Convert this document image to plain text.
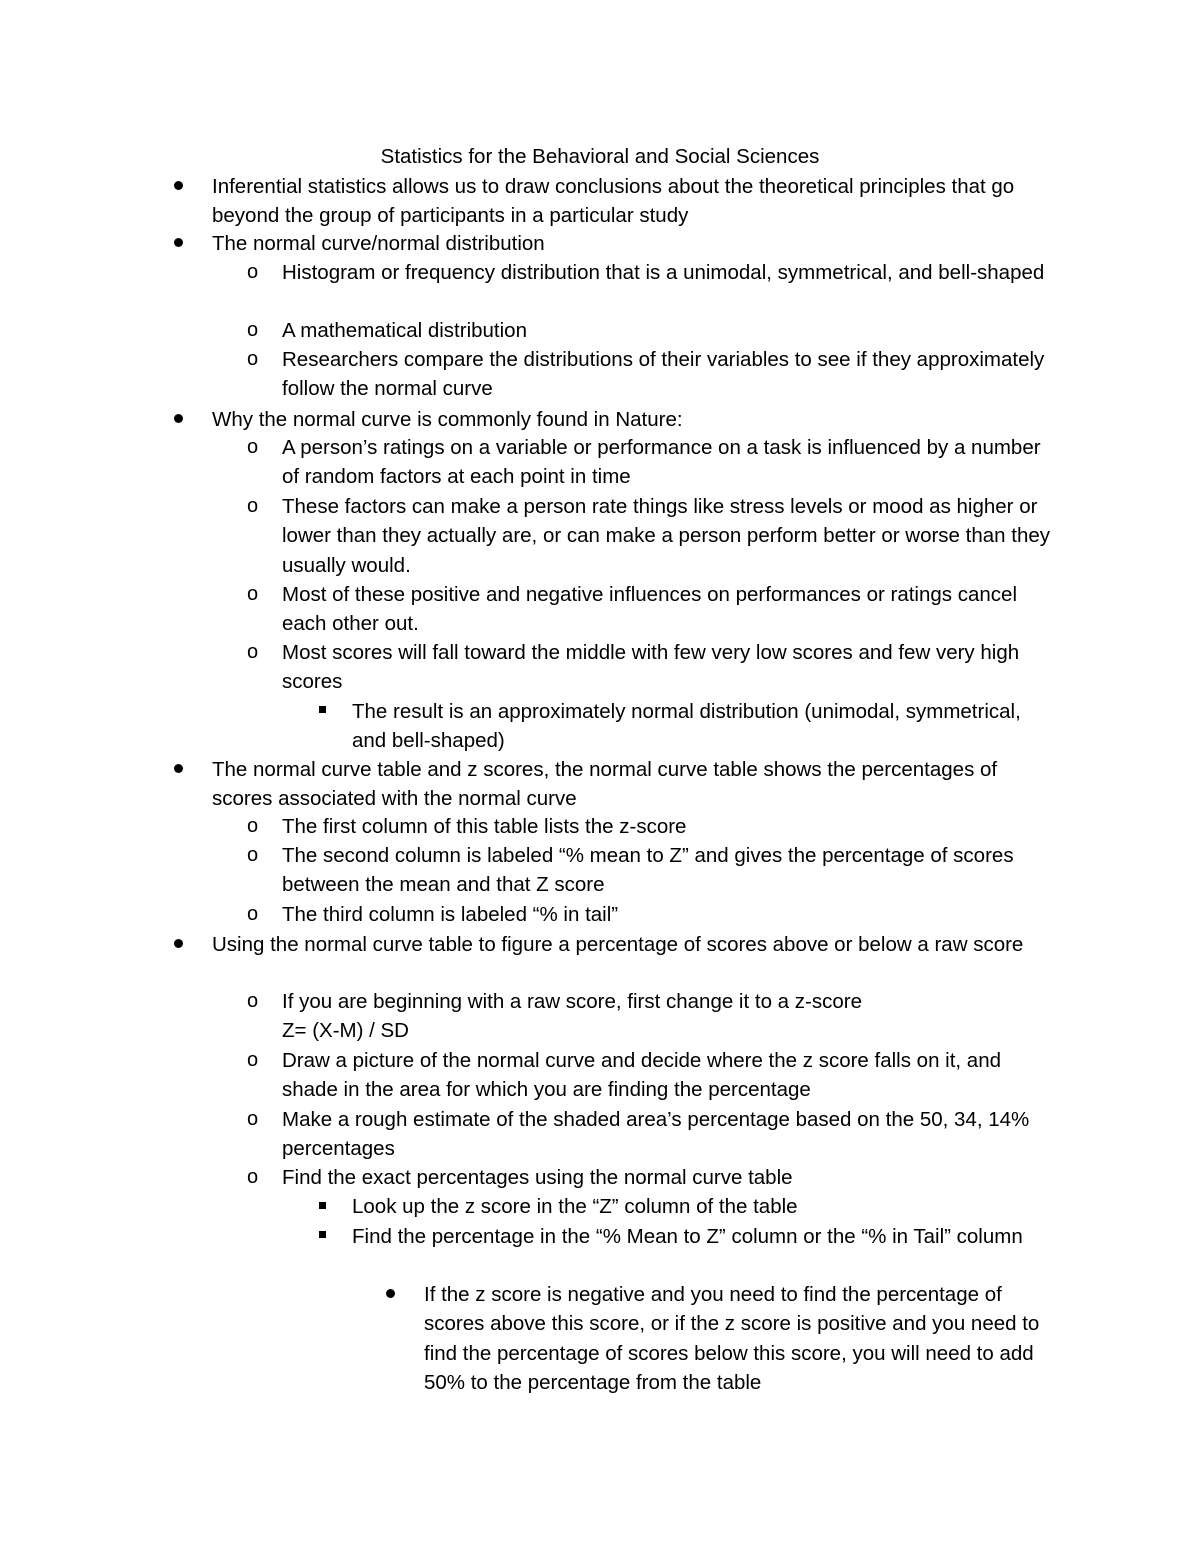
Statistics for the Behavioral and Social Sciences
Inferential statistics allows us to draw conclusions about the theoretical principles that go beyond the group of participants in a particular study
The normal curve/normal distribution
o Histogram or frequency distribution that is a unimodal, symmetrical, and bell-shaped
o A mathematical distribution
o Researchers compare the distributions of their variables to see if they approximately follow the normal curve
Why the normal curve is commonly found in Nature:
o A person’s ratings on a variable or performance on a task is influenced by a number of random factors at each point in time
o These factors can make a person rate things like stress levels or mood as higher or lower than they actually are, or can make a person perform better or worse than they usually would.
o Most of these positive and negative influences on performances or ratings cancel each other out.
o Most scores will fall toward the middle with few very low scores and few very high scores
The result is an approximately normal distribution (unimodal, symmetrical, and bell-shaped)
The normal curve table and z scores, the normal curve table shows the percentages of scores associated with the normal curve
o The first column of this table lists the z-score
o The second column is labeled “% mean to Z” and gives the percentage of scores between the mean and that Z score
o The third column is labeled “% in tail”
Using the normal curve table to figure a percentage of scores above or below a raw score
o If you are beginning with a raw score, first change it to a z-score
Z= (X-M) / SD
o Draw a picture of the normal curve and decide where the z score falls on it, and shade in the area for which you are finding the percentage
o Make a rough estimate of the shaded area’s percentage based on the 50, 34, 14% percentages
o Find the exact percentages using the normal curve table
Look up the z score in the “Z” column of the table
Find the percentage in the “% Mean to Z” column or the “% in Tail” column
If the z score is negative and you need to find the percentage of scores above this score, or if the z score is positive and you need to find the percentage of scores below this score, you will need to add 50% to the percentage from the table
